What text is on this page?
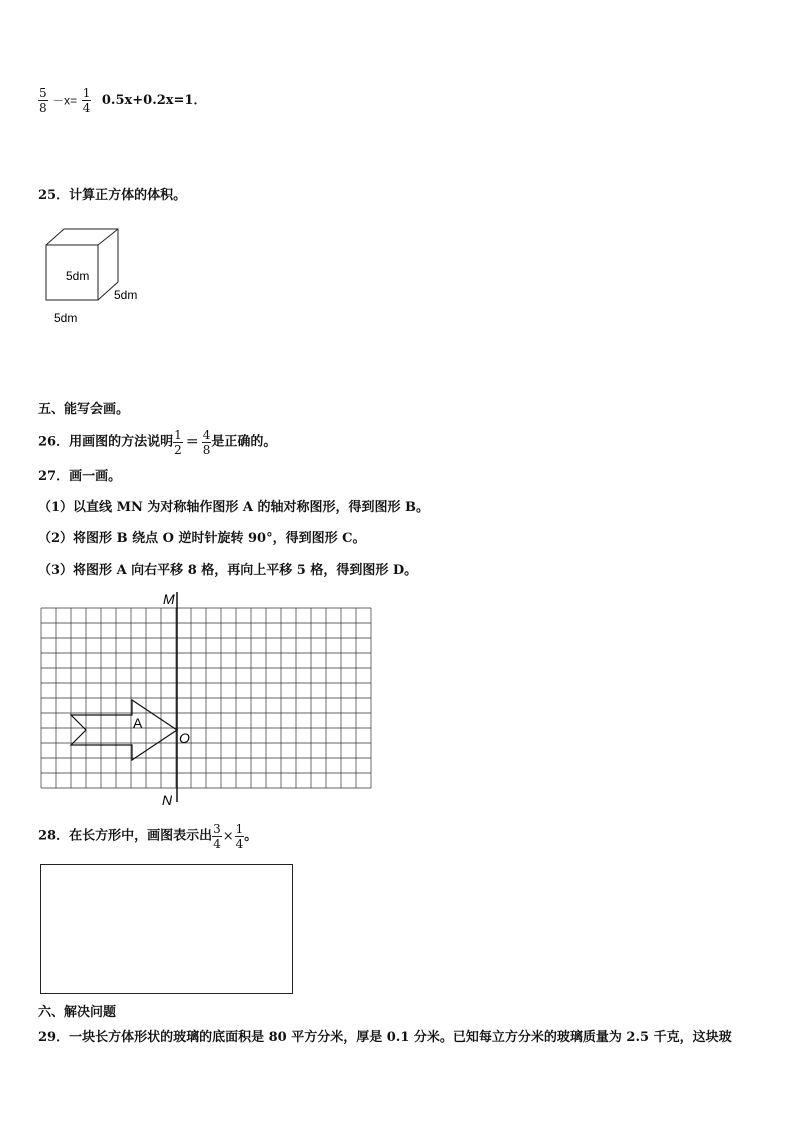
$\frac{5}{8} -x= \frac{1}{4} 0.5x+0.2x=1$．
25．计算正方体的体积。
5dm
5dm
5dm
五、能写会画。
26．用画图的方法说明 $\frac{1}{2} = \frac{4}{8}$ 是正确的。
27．画一画。
（1）以直线 MN 为对称轴作图形 A 的轴对称图形，得到图形 B。
（2）将图形 B 绕点 O 逆时针旋转 90°，得到图形 C。
（3）将图形 A 向右平移 8 格，再向上平移 5 格，得到图形 D。
M
N
O
A
28．在长方形中，画图表示出 $\frac{3}{4} \times \frac{1}{4}$ 。
六、解决问题
29．一块长方体形状的玻璃的底面积是 80 平方分米，厚是 0.1 分米。已知每立方分米的玻璃质量为 2.5 千克，这块玻
